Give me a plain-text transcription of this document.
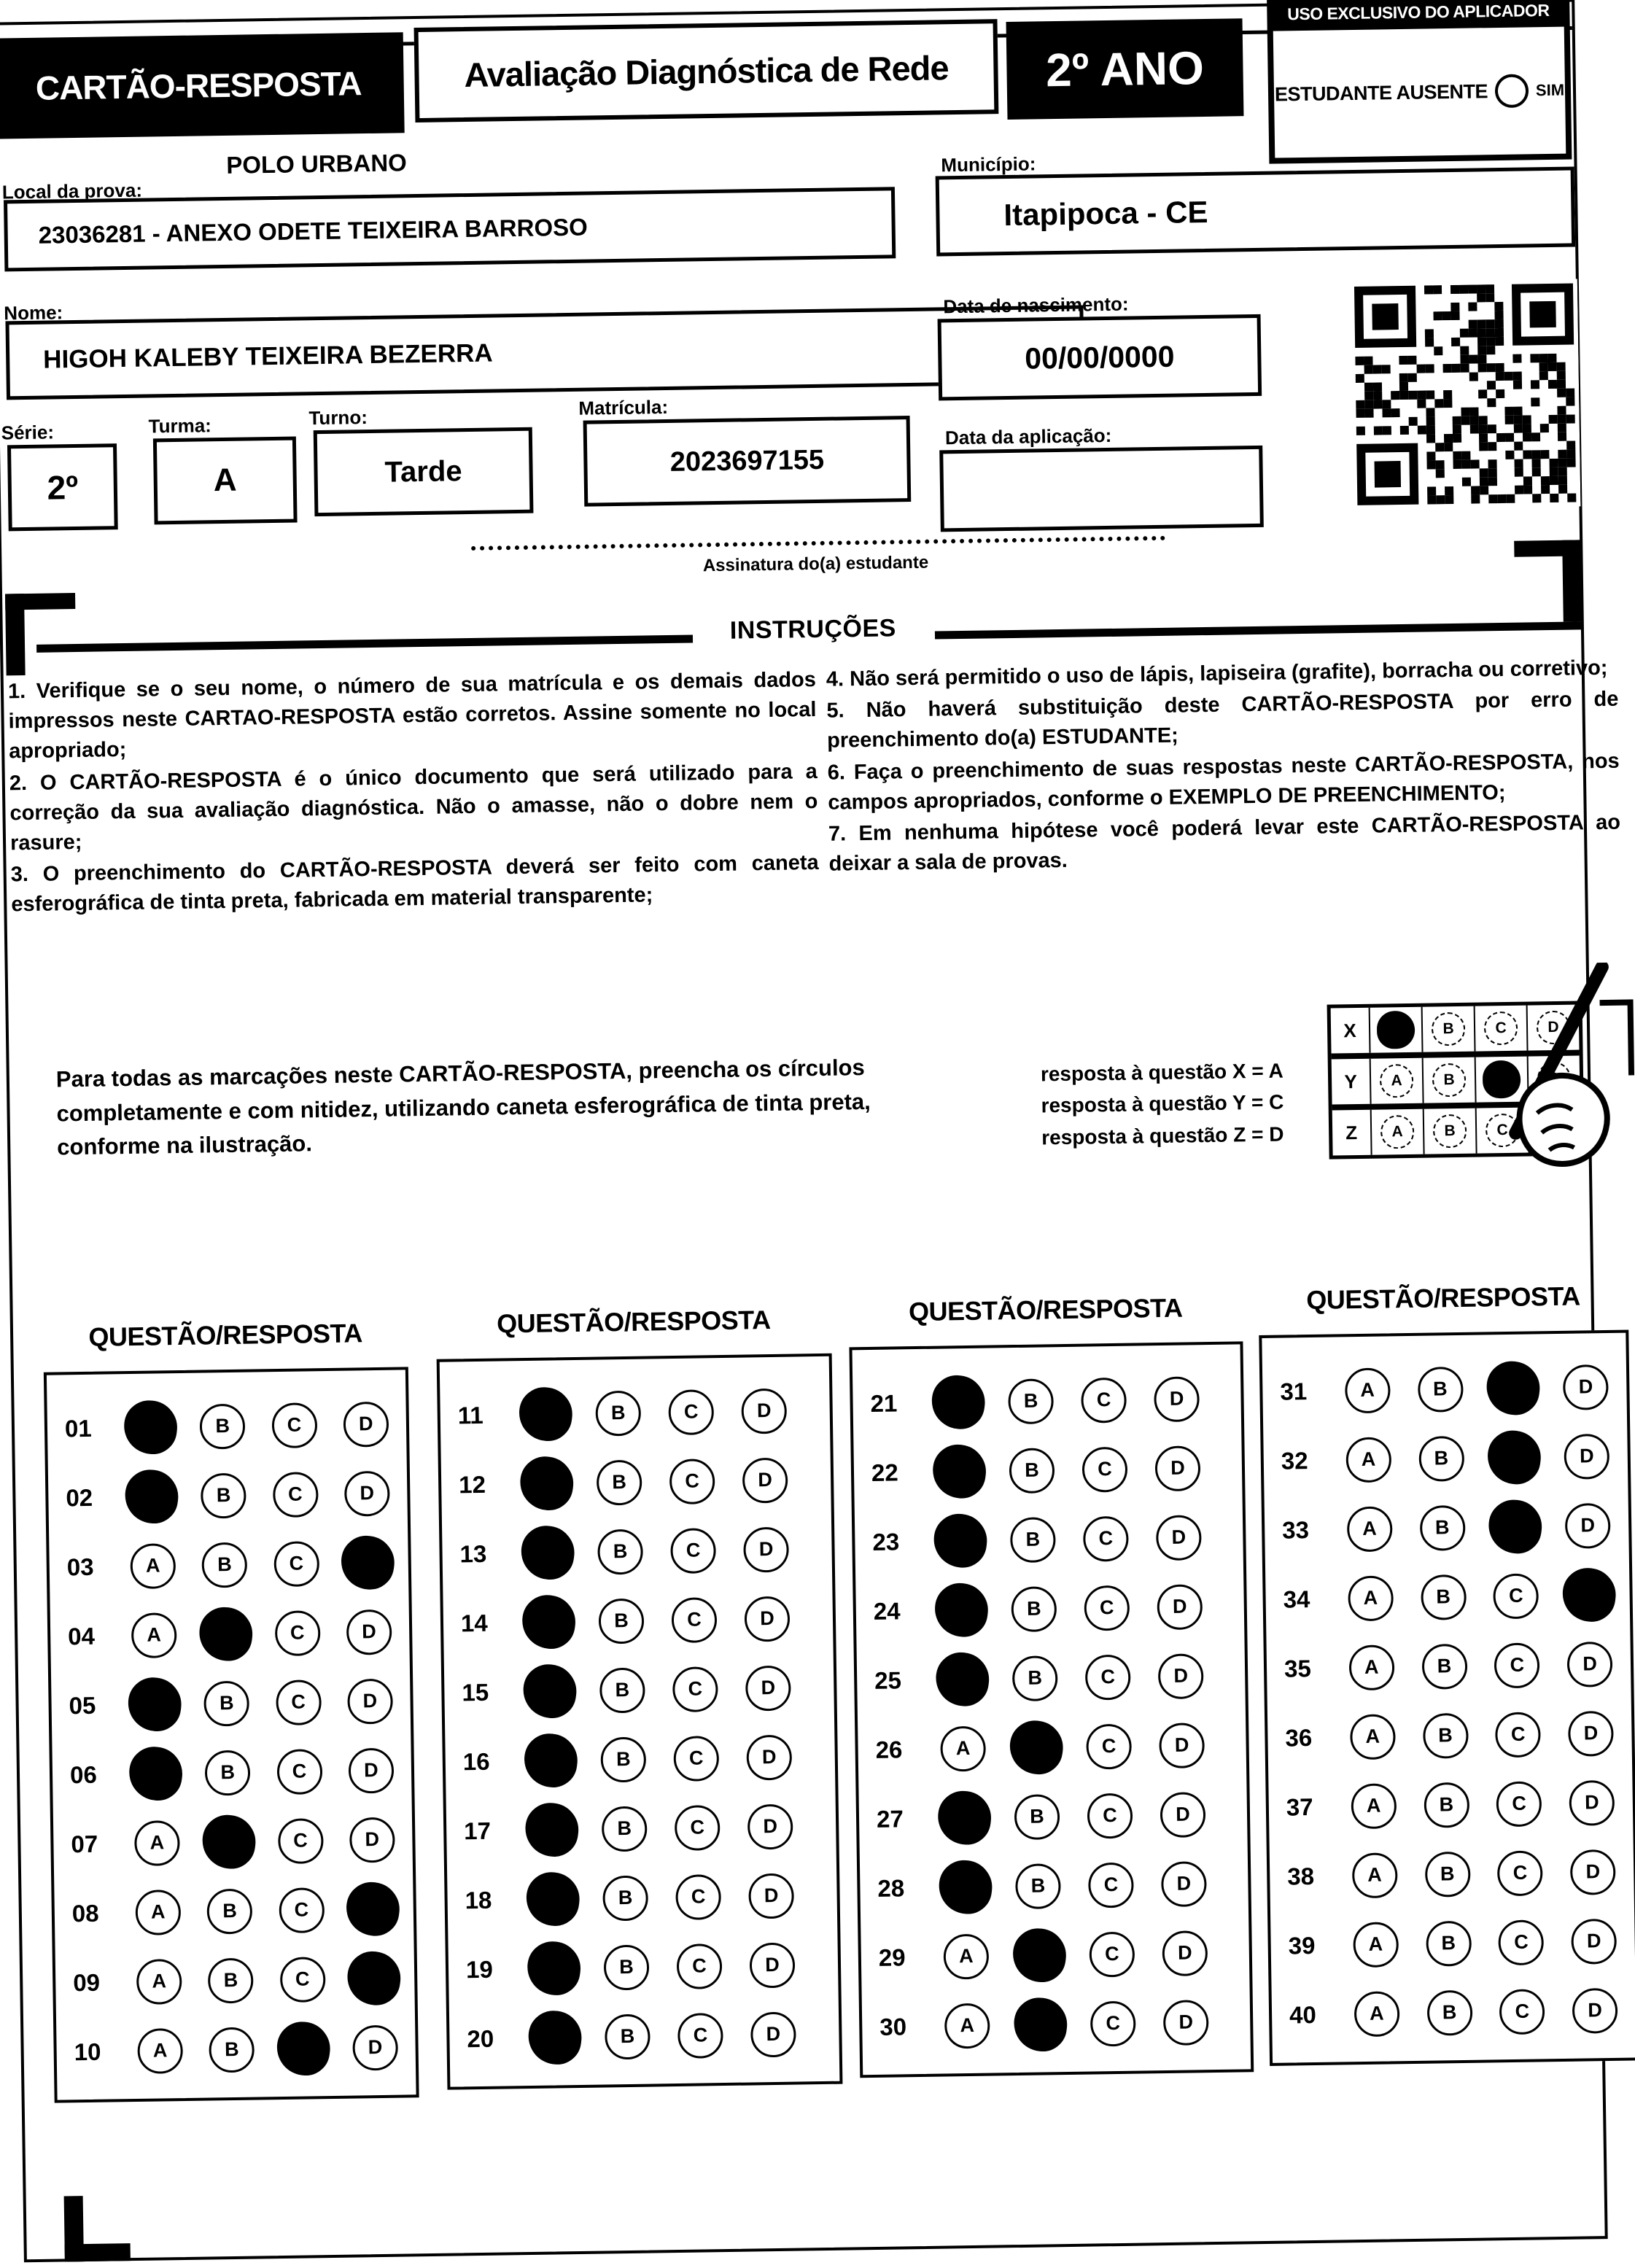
CARTÃO-RESPOSTA	Avaliação Diagnóstica de Rede	2º ANO
USO EXCLUSIVO DO APLICADOR
ESTUDANTE AUSENTE	SIM
Local da prova:
POLO URBANO
23036281 - ANEXO ODETE TEIXEIRA BARROSO
Município:
Itapipoca - CE
Nome:
HIGOH KALEBY TEIXEIRA BEZERRA
Data de nascimento:
00/00/0000
Data da aplicação:
Série:
2º
Turma:
A
Turno:
Tarde
Matrícula:
2023697155
Assinatura do(a) estudante
INSTRUÇÕES

1. Verifique se o seu nome, o número de sua matrícula e os demais dados impressos neste CARTAO-RESPOSTA estão corretos. Assine somente no local apropriado;

2. O CARTÃO-RESPOSTA é o único documento que será utilizado para a correção da sua avaliação diagnóstica. Não o amasse, não o dobre nem o rasure;

3. O preenchimento do CARTÃO-RESPOSTA deverá ser feito com caneta esferográfica de tinta preta, fabricada em material transparente;

4. Não será permitido o uso de lápis, lapiseira (grafite), borracha ou corretivo;

5. Não haverá substituição deste CARTÃO-RESPOSTA por erro de preenchimento do(a) ESTUDANTE;

6. Faça o preenchimento de suas respostas neste CARTÃO-RESPOSTA, nos campos apropriados, conforme o EXEMPLO DE PREENCHIMENTO;

7. Em nenhuma hipótese você poderá levar este CARTÃO-RESPOSTA ao deixar a sala de provas.

Para todas as marcações neste CARTÃO-RESPOSTA, preencha os círculos completamente e com nitidez, utilizando caneta esferográfica de tinta preta, conforme na ilustração.

resposta à questão X = A

resposta à questão Y = C

resposta à questão Z = D

X	B	C	D
Y	A	B
Z	A	B	C
QUESTÃO/RESPOSTA
01	B	C	D
02	B	C	D
03	A	B	C
04	A	C	D
05	B	C	D
06	B	C	D
07	A	C	D
08	A	B	C
09	A	B	C
10	A	B	D
QUESTÃO/RESPOSTA
11	B	C	D
12	B	C	D
13	B	C	D
14	B	C	D
15	B	C	D
16	B	C	D
17	B	C	D
18	B	C	D
19	B	C	D
20	B	C	D
QUESTÃO/RESPOSTA
21	B	C	D
22	B	C	D
23	B	C	D
24	B	C	D
25	B	C	D
26	A	C	D
27	B	C	D
28	B	C	D
29	A	C	D
30	A	C	D
QUESTÃO/RESPOSTA
31	A	B	D
32	A	B	D
33	A	B	D
34	A	B	C
35	A	B	C	D
36	A	B	C	D
37	A	B	C	D
38	A	B	C	D
39	A	B	C	D
40	A	B	C	D
